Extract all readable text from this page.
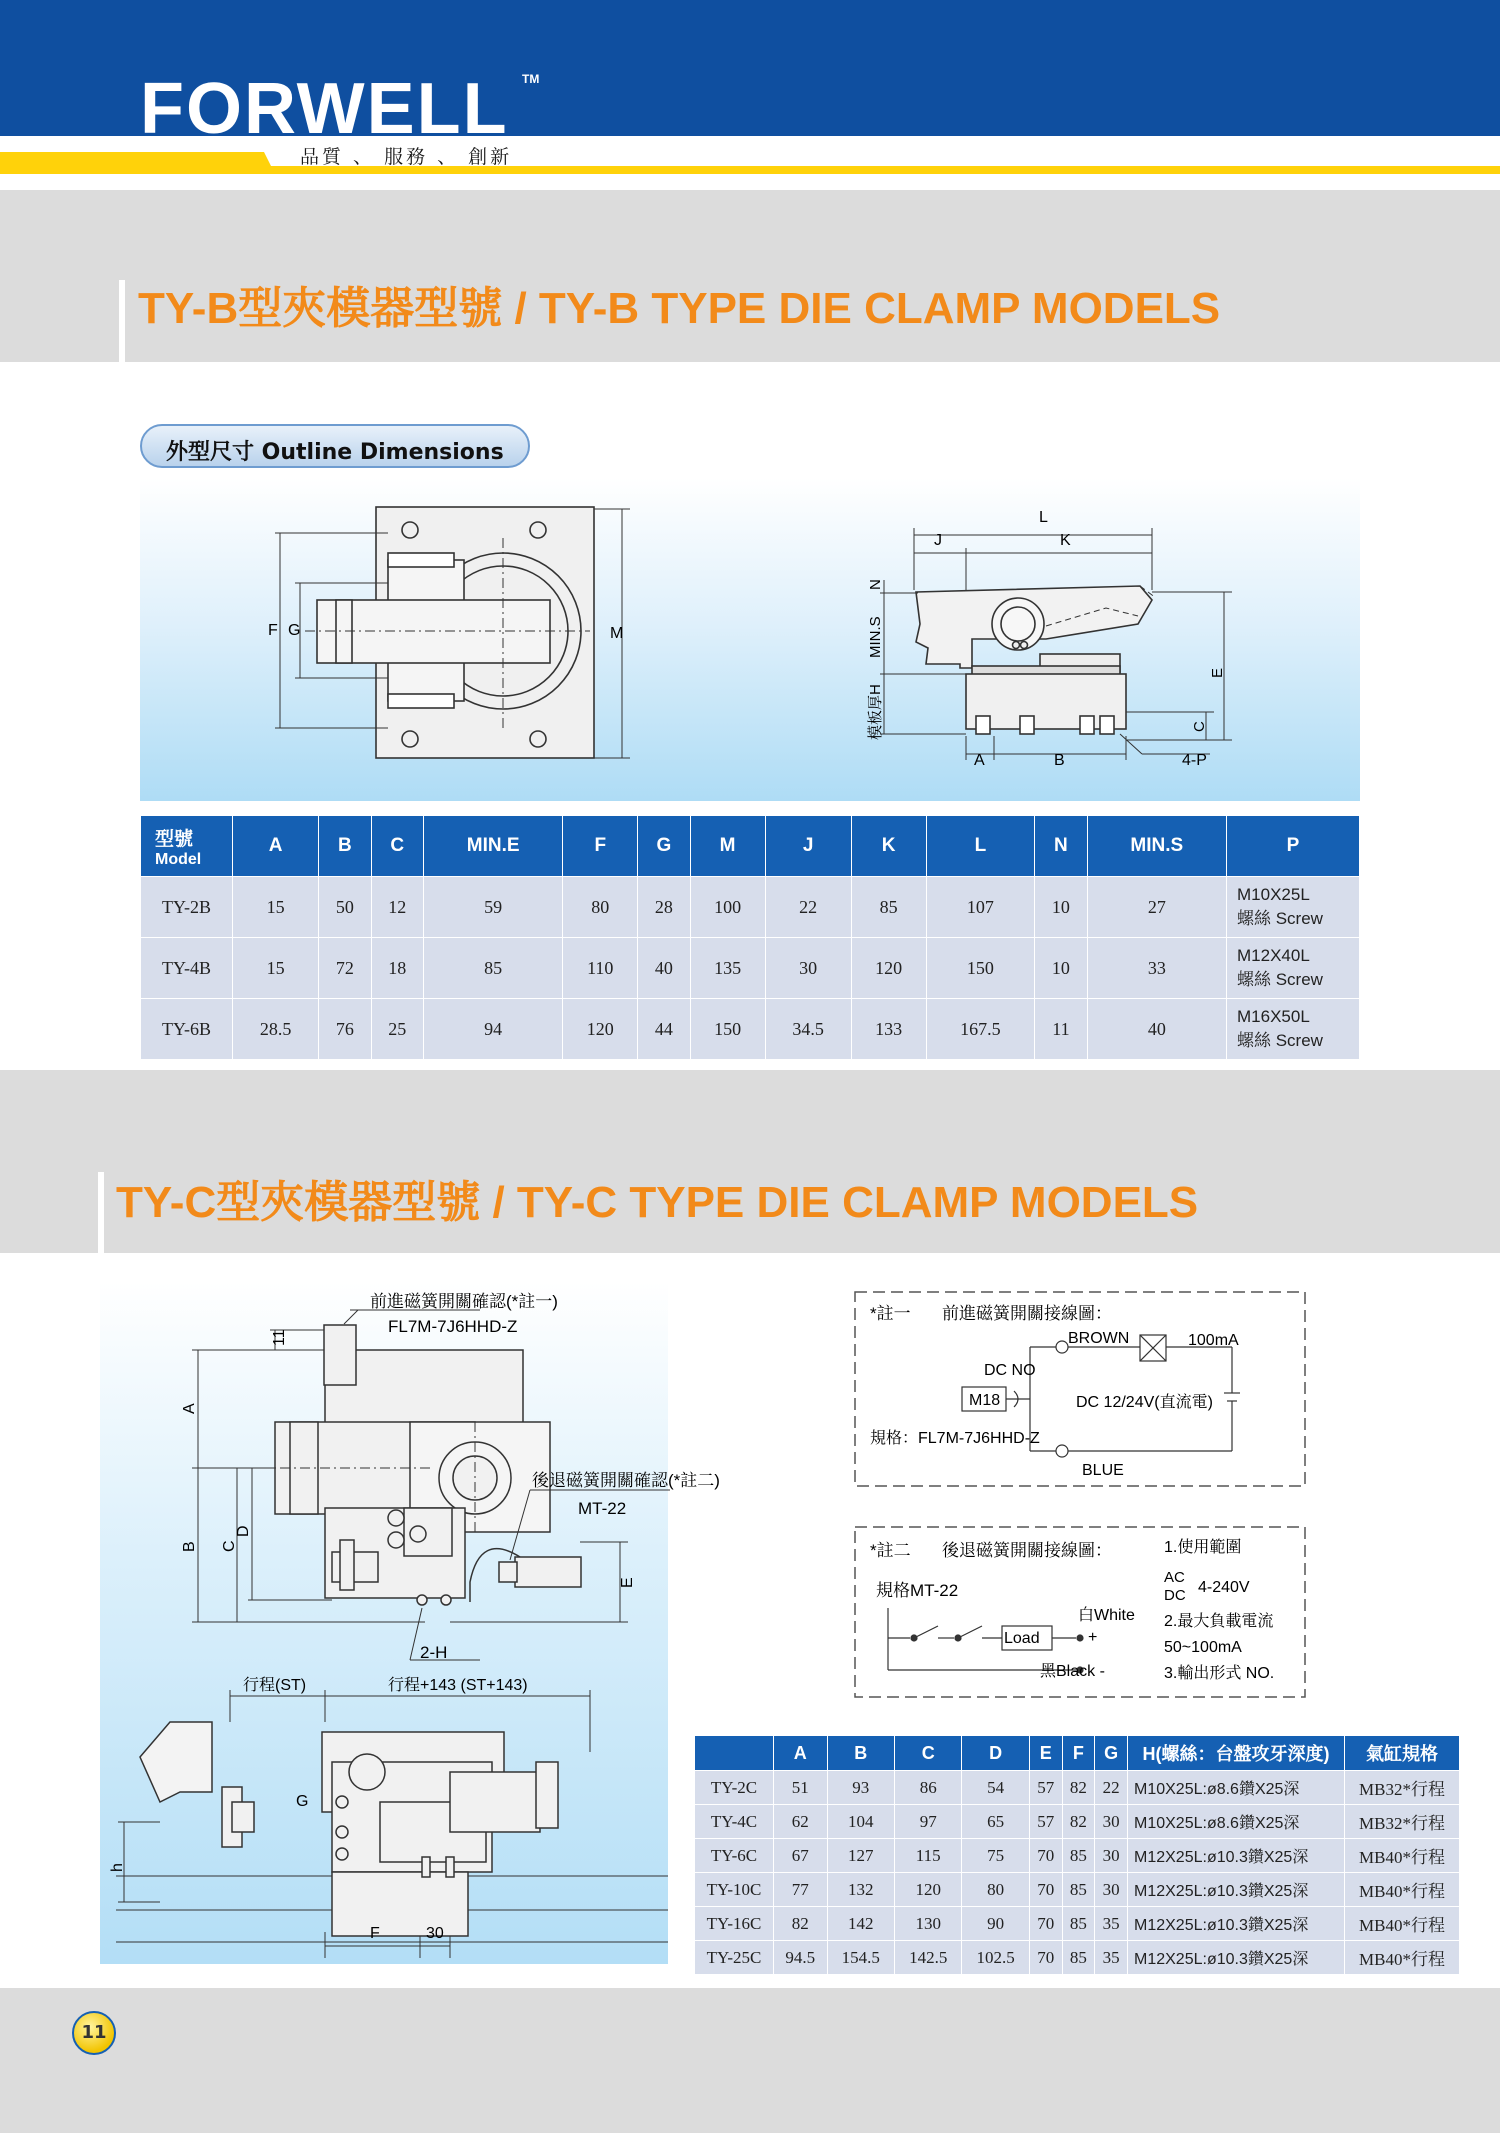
FORWELL TM
品質 、 服務 、 創新
TY-B型夾模器型號 / TY-B TYPE DIE CLAMP MODELS
外型尺寸 Outline Dimensions
F G	M
L
J	K
N
MIN.S
模板厚H
E
C
A	B	4-P
型號
Model	A	B	C	MIN.E	F	G	M	J	K	L	N	MIN.S	P
TY-2B	15	50	12	59	80	28	100	22	85	107	10	27	M10X25L
螺絲 Screw

TY-4B	15	72	18	85	110	40	135	30	120	150	10	33	M12X40L
螺絲 Screw

TY-6B	28.5	76	25	94	120	44	150	34.5	133	167.5	11	40	M16X50L
螺絲 Screw
TY-C型夾模器型號 / TY-C TYPE DIE CLAMP MODELS
前進磁簧開關確認(*註一)
FL7M-7J6HHD-Z
後退磁簧開關確認(*註二)
MT-22
11
A
B C
D
E
2-H
行程(ST)	行程+143 (ST+143)
h
G
F	30
*註一 前進磁簧開關接線圖：
BROWN	100mA
DC NO
M18	DC 12/24V(直流電)
規格：FL7M-7J6HHD-Z
BLUE
*註二 後退磁簧開關接線圖：
規格MT-22
Load
白White
+
黑Black -
1.使用範圍
AC
DC 4-240V
2.最大負載電流
50~100mA
3.輸出形式 NO.
	A	B	C	D	E	F	G	H(螺絲：台盤攻牙深度)	氣缸規格
TY-2C	51	93	86	54	57	82	22	M10X25L:ø8.6鑽X25深	MB32*行程
TY-4C	62	104	97	65	57	82	30	M10X25L:ø8.6鑽X25深	MB32*行程
TY-6C	67	127	115	75	70	85	30	M12X25L:ø10.3鑽X25深	MB40*行程
TY-10C	77	132	120	80	70	85	30	M12X25L:ø10.3鑽X25深	MB40*行程
TY-16C	82	142	130	90	70	85	35	M12X25L:ø10.3鑽X25深	MB40*行程
TY-25C	94.5	154.5	142.5	102.5	70	85	35	M12X25L:ø10.3鑽X25深	MB40*行程
11
